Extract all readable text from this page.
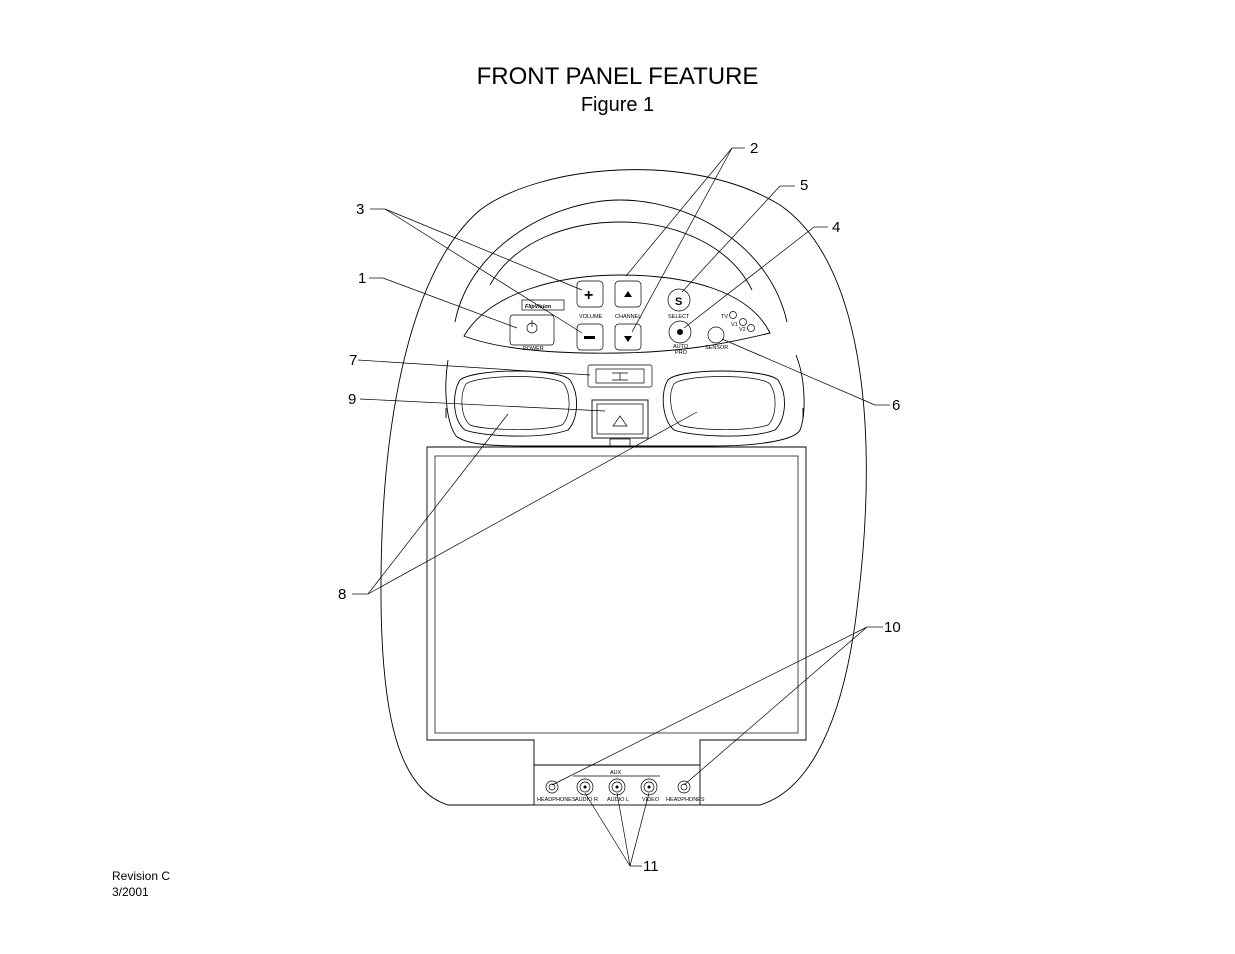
FRONT PANEL FEATURE
Figure 1
Revision C
3/2001
FlipVision
POWER
+
VOLUME CHANNEL
S
SELECT
AUTO
PRO
SENSOR
TV
V1
V2
AUX
HEADPHONES AUDIO R AUDIO L VIDEO HEADPHONES
2
5
4
3
1
7
9	6
8
10
11
